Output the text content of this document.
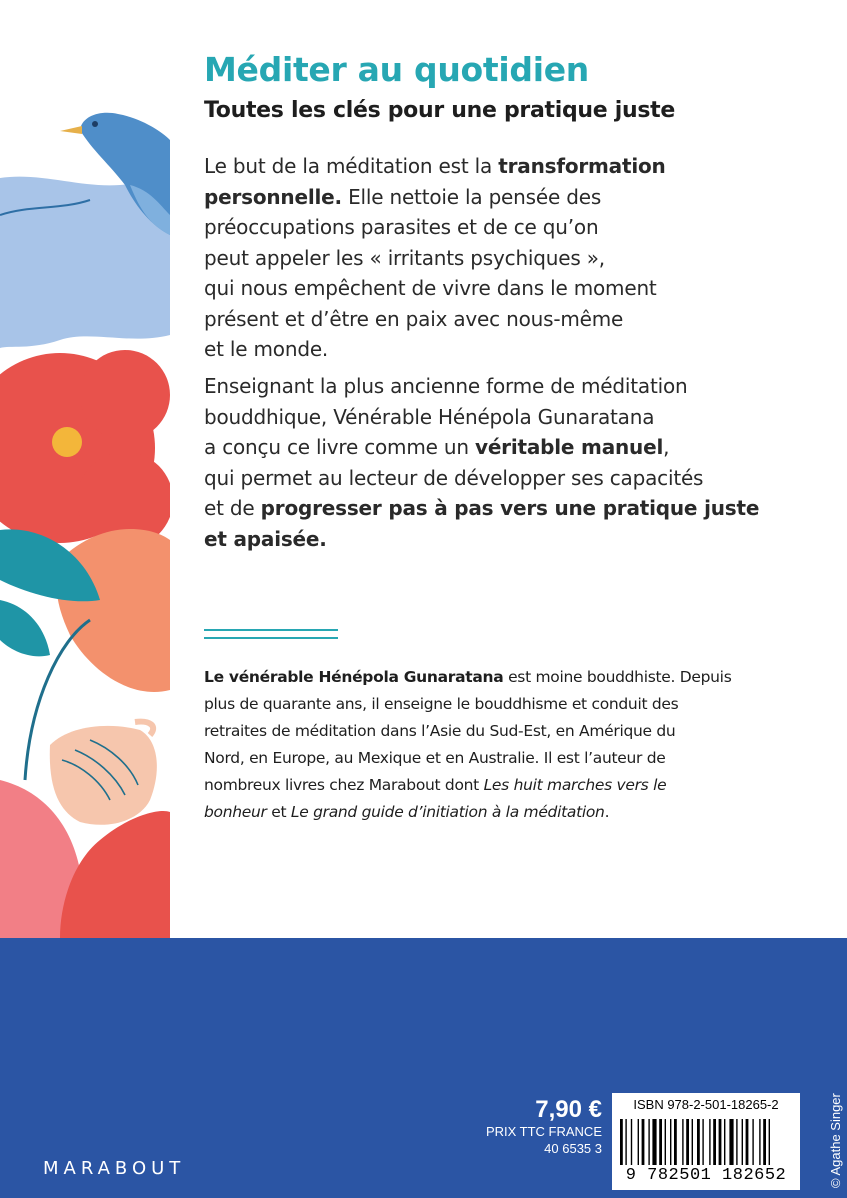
Méditer au quotidien
Toutes les clés pour une pratique juste

Le but de la méditation est la transformation
personnelle. Elle nettoie la pensée des
préoccupations parasites et de ce qu’on
peut appeler les « irritants psychiques »,
qui nous empêchent de vivre dans le moment
présent et d’être en paix avec nous-même
et le monde.

Enseignant la plus ancienne forme de méditation
bouddhique, Vénérable Hénépola Gunaratana
a conçu ce livre comme un véritable manuel,
qui permet au lecteur de développer ses capacités
et de progresser pas à pas vers une pratique juste
et apaisée.

Le vénérable Hénépola Gunaratana est moine bouddhiste. Depuis
plus de quarante ans, il enseigne le bouddhisme et conduit des
retraites de méditation dans l’Asie du Sud-Est, en Amérique du
Nord, en Europe, au Mexique et en Australie. Il est l’auteur de
nombreux livres chez Marabout dont Les huit marches vers le
bonheur et Le grand guide d’initiation à la méditation.

MARABOUT

7,90 €
PRIX TTC FRANCE
40 6535 3
ISBN 978-2-501-18265-2
9 782501 182652	© Agathe Singer
